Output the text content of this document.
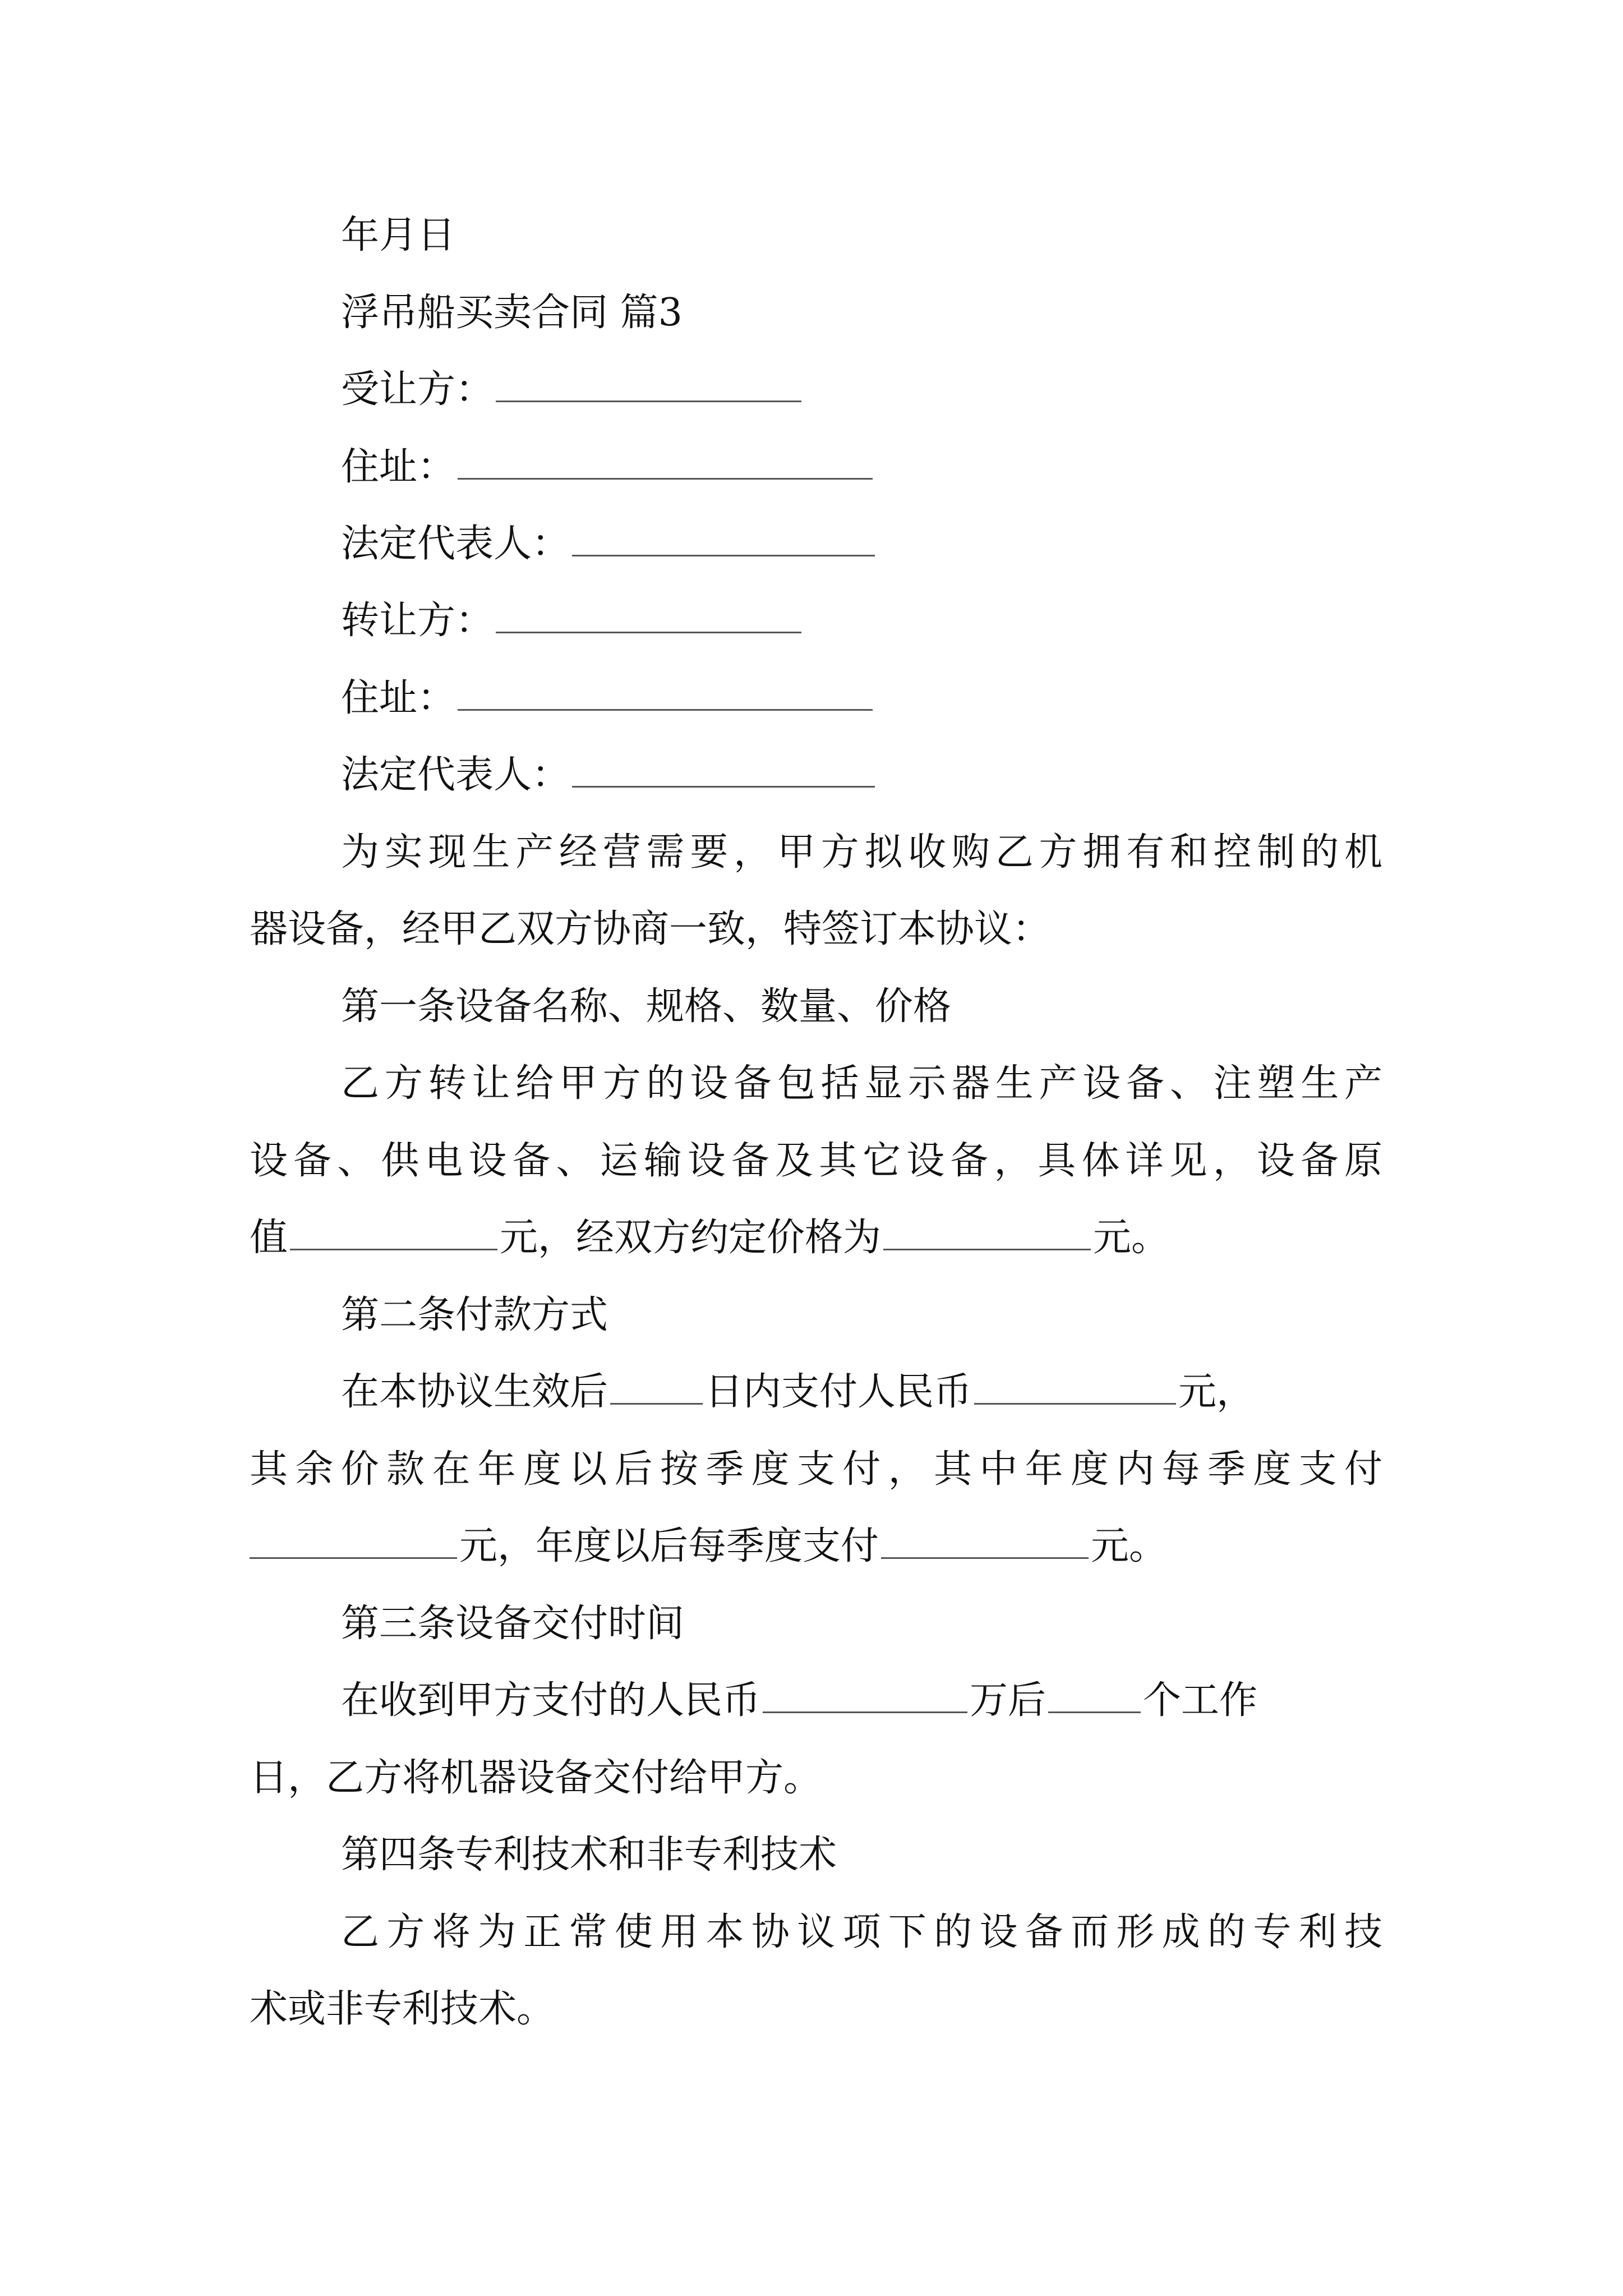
年月日
浮吊船买卖合同 篇3
受让方：
住址：
法定代表人：
转让方：
住址：
法定代表人：
为实现生产经营需要，甲方拟收购乙方拥有和控制的机
器设备，经甲乙双方协商一致，特签订本协议：
第一条设备名称、规格、数量、价格
乙方转让给甲方的设备包括显示器生产设备、注塑生产
设备、供电设备、运输设备及其它设备，具体详见，设备原
值	元，经双方约定价格为	元。
第二条付款方式
在本协议生效后	日内支付人民币	元，
其余价款在年度以后按季度支付，其中年度内每季度支付
元，年度以后每季度支付	元。
第三条设备交付时间
在收到甲方支付的人民币	万后	个工作
日，乙方将机器设备交付给甲方。
第四条专利技术和非专利技术
乙方将为正常使用本协议项下的设备而形成的专利技
术或非专利技术。
